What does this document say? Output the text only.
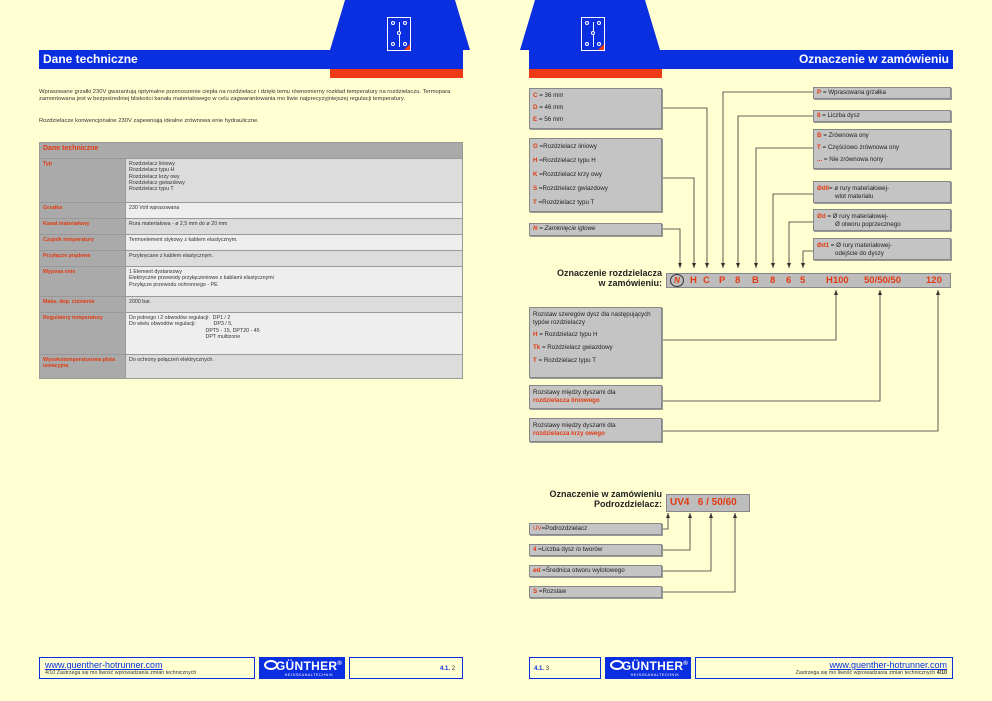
Dane techniczne
Wprasowane grzałki 230V gwarantują optymalne przenoszenie ciepła na rozdzielacz i dzięki temu równomierny rozkład temperatury na rozdzielaczu. Termopara zamontowana jest w bezpośredniej bliskości kanału materiałowego w celu zagwarantowania mo liwie najprecyzyjniejszej regulacji temperatury.
Rozdzielacze konwencjonalne 230V zapewniają idealne zrównowa enie hydrauliczne.
Dane techniczne	
Typ	Rozdzielacz liniowy
Rozdzielacz typu H
Rozdzielacz krzy owy
Rozdzielacz gwiazdowy
Rozdzielacz typu T
Grzałka	230 Volt wprasowana
Kanał materiałowy	Rura materiałowa - ø 2,5 mm do ø 20 mm
Czujnik temperatury	Termoelement stykowy z kablem elastycznym.
Przyłącze prądowe	Przykręcane z kablem elastycznym.
Wyposa enie	1 Element dystansowy
Elektryczne przewody przyłączeniowe z kablami elastycznymi
Przyłącze przewodu ochronnego - PE
Maks. dop. ciśnienie	2000 bar.
Regulatory temperatury	Do jednego i 2 obwodów regulacji:  DP1 / 2
Do wielu obwodów regulacji:            DP3 / 5,
DPT5 - 15, DPT20 - 45
DPT multizone
Wysokotemperaturowa płyta izolacyjna	Do ochrony połączeń elektrycznych.
www.guenther-hotrunner.com
4/10 Zastrzega się mo liwość wprowadzania zmian technicznych	GÜNTHER®
HEISSKANALTECHNIK
4.1. 2
Oznaczenie w zamówieniu
C = 36 mm
D = 46 mm
E = 56 mm
G =Rozdzielacz liniowy
H =Rozdzielacz typu H
K =Rozdzielacz krzy owy
S =Rozdzielacz gwiazdowy
T =Rozdzielacz typu T
N = Zamknięcie iglowe
P = Wprasowana grzałka
8 = Liczba dysz
B = Zrównowa ony
T = Częściowo zrównowa ony
... = Nie zrównowa nony
Ød0= ø rury materiałowej-
wlot materiału
Ød = Ø rury materiałowej-
Ø otworu poprzecznego
Ød1 = Ø rury materiałowej-
odejście do dyszy
Oznaczenie rozdzielacza
w zamówieniu:	N	H C P 8 B 8 6 5 H100 50/50/50	120
Rozstaw szeregów dysz dla następujących typów rozdzielaczy
H = Rozdzielacz typu H
Tk = Rozdzielacz gwiazdowy
T = Rozdzielacz typu T
Rozstawy między dyszami dla
rozdzielacza liniowego
Rozstawy między dyszami dla
rozdzielacza krzy owego
Oznaczenie w zamówieniu
Podrozdzielacz: UV4   6 / 50/60
UV=Podrozdzielacz
4 =Liczba dysz /o tworów
ød =Średnica otworu wylotowego
S =Rozstaw
4.1. 3	GÜNTHER®
HEISSKANALTECHNIK
www.guenther-hotrunner.com
Zastrzega się mo liwość wprowadzania zmian technicznych 4/10
